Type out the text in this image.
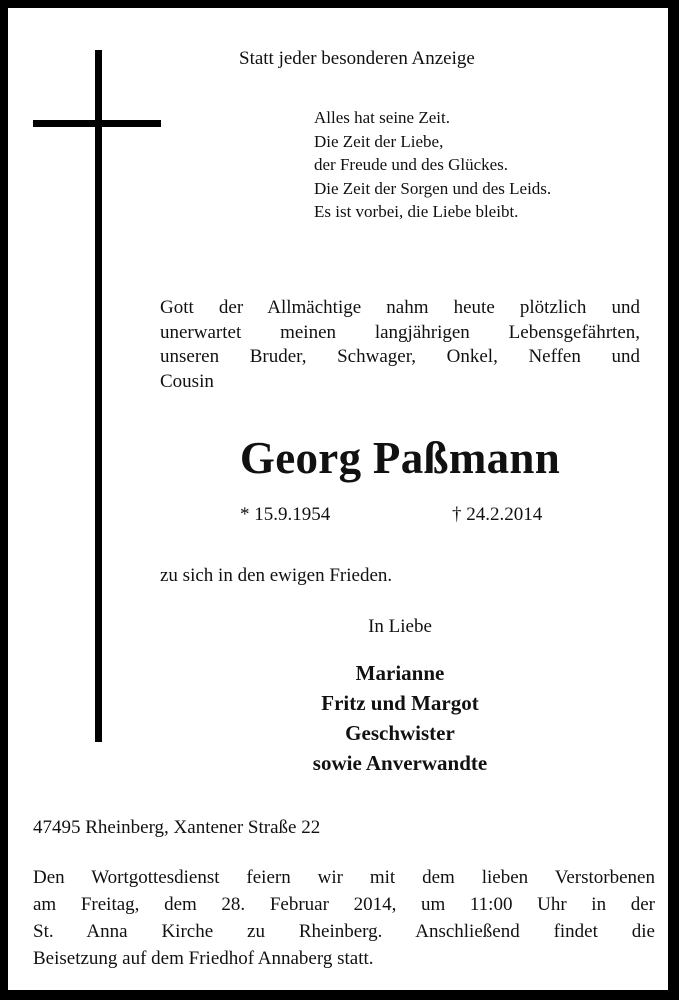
Statt jeder besonderen Anzeige
Alles hat seine Zeit.
Die Zeit der Liebe,
der Freude und des Glückes.
Die Zeit der Sorgen und des Leids.
Es ist vorbei, die Liebe bleibt.
Gott der Allmächtige nahm heute plötzlich und
unerwartet meinen langjährigen Lebensgefährten,
unseren Bruder, Schwager, Onkel, Neffen und
Cousin
Georg Paßmann
* 15.9.1954	† 24.2.2014
zu sich in den ewigen Frieden.
In Liebe
Marianne
Fritz und Margot
Geschwister
sowie Anverwandte
47495 Rheinberg, Xantener Straße 22
Den Wortgottesdienst feiern wir mit dem lieben Verstorbenen
am Freitag, dem 28. Februar 2014, um 11:00 Uhr in der
St. Anna Kirche zu Rheinberg. Anschließend findet die
Beisetzung auf dem Friedhof Annaberg statt.
